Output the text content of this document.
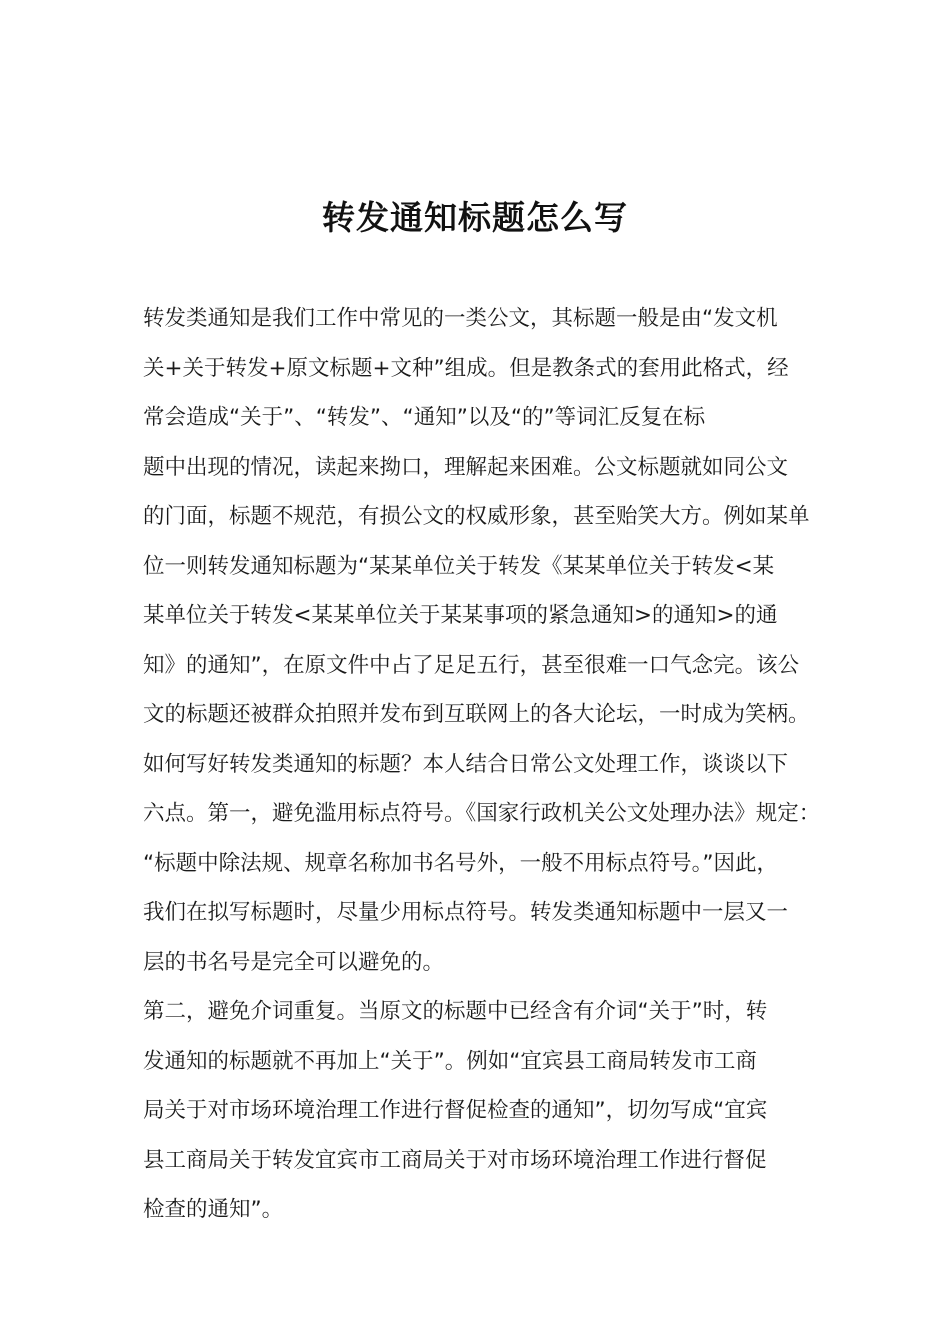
转发通知标题怎么写
转发类通知是我们工作中常见的一类公文，其标题一般是由“发文机
关+关于转发+原文标题+文种”组成。但是教条式的套用此格式，经
常会造成“关于”、“转发”、“通知”以及“的”等词汇反复在标
题中出现的情况，读起来拗口，理解起来困难。公文标题就如同公文
的门面，标题不规范，有损公文的权威形象，甚至贻笑大方。例如某单
位一则转发通知标题为“某某单位关于转发《某某单位关于转发<某
某单位关于转发<某某单位关于某某事项的紧急通知>的通知>的通
知》的通知”，在原文件中占了足足五行，甚至很难一口气念完。该公
文的标题还被群众拍照并发布到互联网上的各大论坛，一时成为笑柄。
如何写好转发类通知的标题？本人结合日常公文处理工作，谈谈以下
六点。第一，避免滥用标点符号。《国家行政机关公文处理办法》规定：
“标题中除法规、规章名称加书名号外，一般不用标点符号。”因此，
我们在拟写标题时，尽量少用标点符号。转发类通知标题中一层又一
层的书名号是完全可以避免的。
第二，避免介词重复。当原文的标题中已经含有介词“关于”时，转
发通知的标题就不再加上“关于”。例如“宜宾县工商局转发市工商
局关于对市场环境治理工作进行督促检查的通知”，切勿写成“宜宾
县工商局关于转发宜宾市工商局关于对市场环境治理工作进行督促
检查的通知”。
